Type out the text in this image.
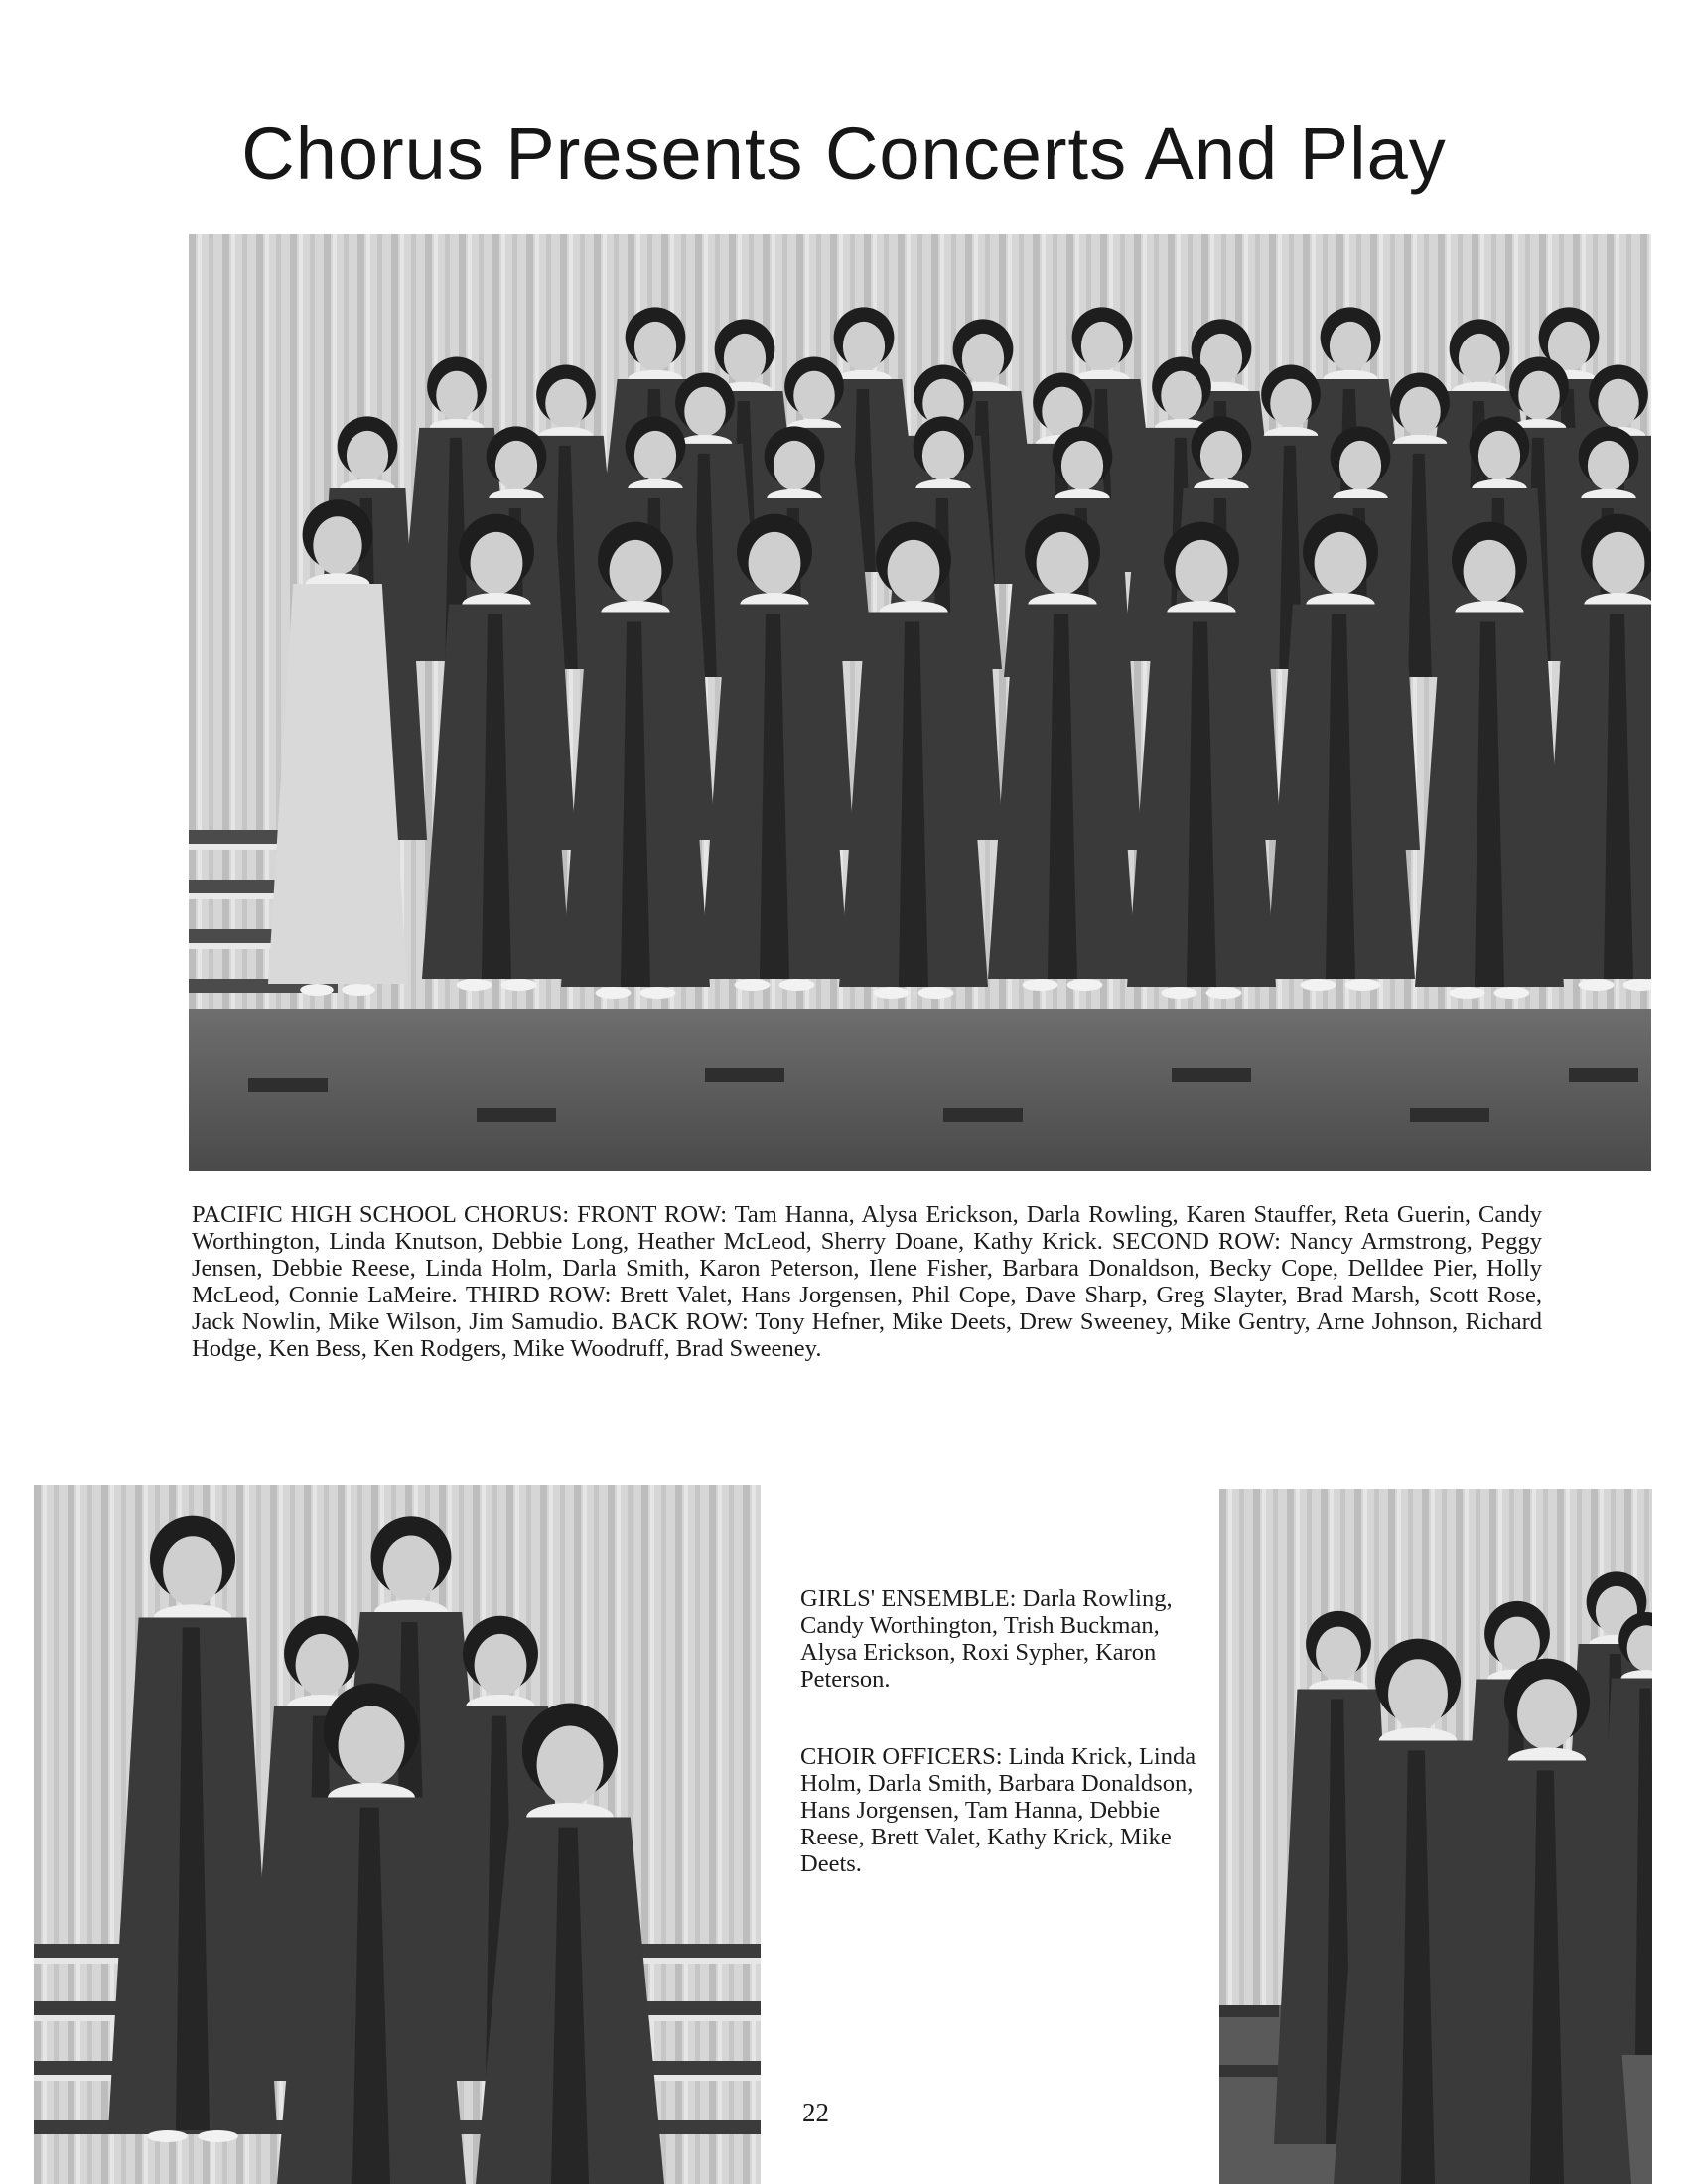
Chorus Presents Concerts And Play

PACIFIC HIGH SCHOOL CHORUS: FRONT ROW: Tam Hanna, Alysa Erickson, Darla Rowling, Karen Stauffer, Reta Guerin, Candy Worthington, Linda Knutson, Debbie Long, Heather McLeod, Sherry Doane, Kathy Krick. SECOND ROW: Nancy Armstrong, Peggy Jensen, Debbie Reese, Linda Holm, Darla Smith, Karon Peterson, Ilene Fisher, Barbara Donaldson, Becky Cope, Delldee Pier, Holly McLeod, Connie LaMeire. THIRD ROW: Brett Valet, Hans Jorgensen, Phil Cope, Dave Sharp, Greg Slayter, Brad Marsh, Scott Rose, Jack Nowlin, Mike Wilson, Jim Samudio. BACK ROW: Tony Hefner, Mike Deets, Drew Sweeney, Mike Gentry, Arne Johnson, Richard Hodge, Ken Bess, Ken Rodgers, Mike Woodruff, Brad Sweeney.

GIRLS' ENSEMBLE: Darla Rowling, Candy Worthington, Trish Buckman, Alysa Erickson, Roxi Sypher, Karon Peterson.

CHOIR OFFICERS: Linda Krick, Linda Holm, Darla Smith, Barbara Donaldson, Hans Jorgensen, Tam Hanna, Debbie Reese, Brett Valet, Kathy Krick, Mike Deets.

22
